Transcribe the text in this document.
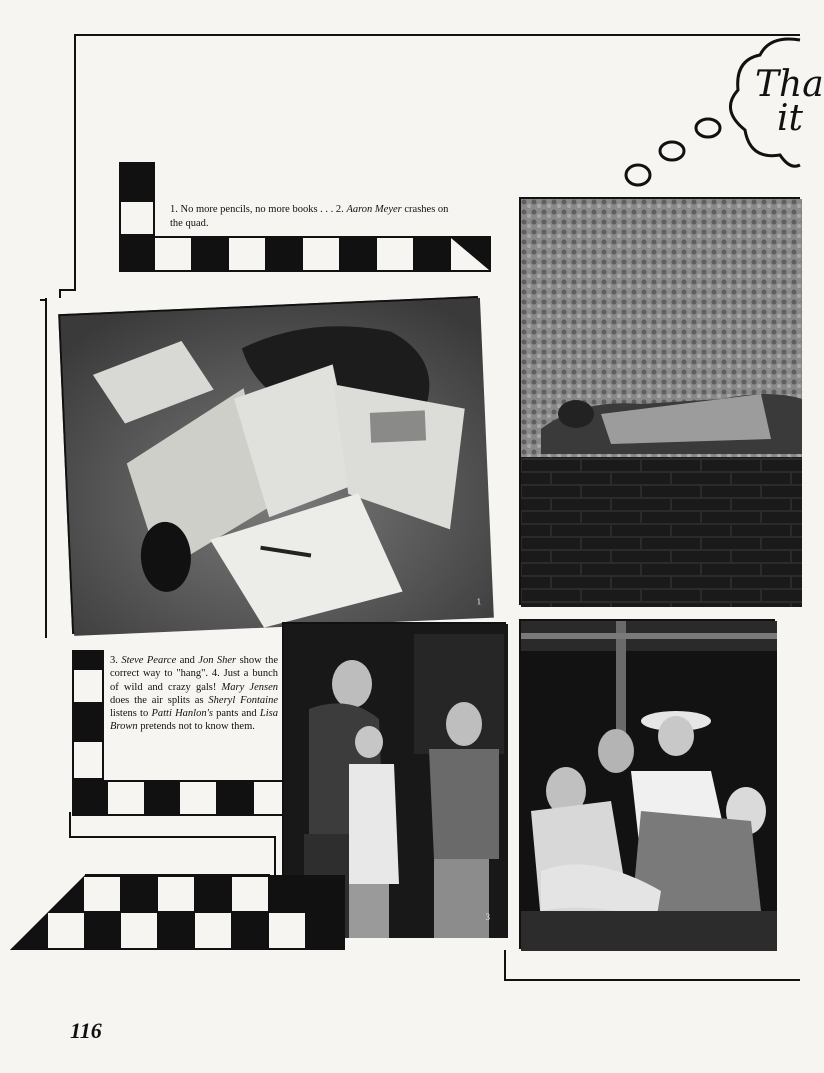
Tha
it
1. No more pencils, no more books . . . 2. Aaron Meyer crashes on
the quad.
1
3. Steve Pearce and Jon Sher show the correct way to "hang". 4. Just a bunch of wild and crazy gals! Mary Jensen does the air splits as Sheryl Fontaine listens to Patti Hanlon's pants and Lisa Brown pretends not to know them.
3
116
